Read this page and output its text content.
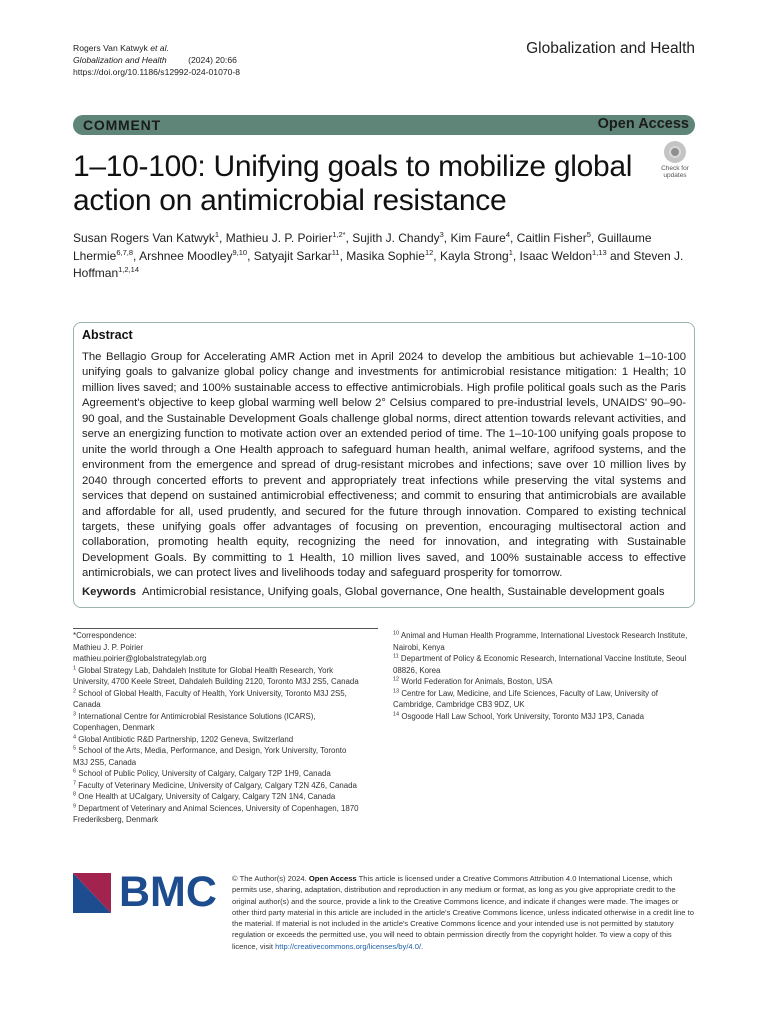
Rogers Van Katwyk et al.
Globalization and Health	(2024) 20:66
https://doi.org/10.1186/s12992-024-01070-8
Globalization and Health
COMMENT	Open Access
1–10-100: Unifying goals to mobilize global action on antimicrobial resistance
Check for
updates
Susan Rogers Van Katwyk$^1$, Mathieu J. P. Poirier$^{1,2*}$, Sujith J. Chandy$^3$, Kim Faure$^4$, Caitlin Fisher$^5$, Guillaume Lhermie$^{6,7,8}$, Arshnee Moodley$^{9,10}$, Satyajit Sarkar$^{11}$, Masika Sophie$^{12}$, Kayla Strong$^1$, Isaac Weldon$^{1,13}$ and Steven J. Hoffman$^{1,2,14}$
Abstract
The Bellagio Group for Accelerating AMR Action met in April 2024 to develop the ambitious but achievable 1–10-100 unifying goals to galvanize global policy change and investments for antimicrobial resistance mitigation: 1 Health; 10 million lives saved; and 100% sustainable access to effective antimicrobials. High profile political goals such as the Paris Agreement's objective to keep global warming well below 2° Celsius compared to pre-industrial levels, UNAIDS' 90–90-90 goal, and the Sustainable Development Goals challenge global norms, direct attention towards relevant activities, and serve an energizing function to motivate action over an extended period of time. The 1–10-100 unifying goals propose to unite the world through a One Health approach to safeguard human health, animal welfare, agrifood systems, and the environment from the emergence and spread of drug-resistant microbes and infections; save over 10 million lives by 2040 through concerted efforts to prevent and appropriately treat infections while preserving the vital systems and services that depend on sustained antimicrobial effectiveness; and commit to ensuring that antimicrobials are available and affordable for all, used prudently, and secured for the future through innovation. Compared to existing technical targets, these unifying goals offer advantages of focusing on prevention, encouraging multisectoral action and collaboration, promoting health equity, recognizing the need for innovation, and integrating with Sustainable Development Goals. By committing to 1 Health, 10 million lives saved, and 100% sustainable access to effective antimicrobials, we can protect lives and livelihoods today and safeguard prosperity for tomorrow.
Keywords Antimicrobial resistance, Unifying goals, Global governance, One health, Sustainable development goals
*Correspondence:
Mathieu J. P. Poirier
mathieu.poirier@globalstrategylab.org
$^1$ Global Strategy Lab, Dahdaleh Institute for Global Health Research, York University, 4700 Keele Street, Dahdaleh Building 2120, Toronto M3J 2S5, Canada
$^2$ School of Global Health, Faculty of Health, York University, Toronto M3J 2S5, Canada
$^3$ International Centre for Antimicrobial Resistance Solutions (ICARS), Copenhagen, Denmark
$^4$ Global Antibiotic R&D Partnership, 1202 Geneva, Switzerland
$^5$ School of the Arts, Media, Performance, and Design, York University, Toronto M3J 2S5, Canada
$^6$ School of Public Policy, University of Calgary, Calgary T2P 1H9, Canada
$^7$ Faculty of Veterinary Medicine, University of Calgary, Calgary T2N 4Z6, Canada
$^8$ One Health at UCalgary, University of Calgary, Calgary T2N 1N4, Canada
$^9$ Department of Veterinary and Animal Sciences, University of Copenhagen, 1870 Frederiksberg, Denmark
$^{10}$ Animal and Human Health Programme, International Livestock Research Institute, Nairobi, Kenya
$^{11}$ Department of Policy & Economic Research, International Vaccine Institute, Seoul 08826, Korea
$^{12}$ World Federation for Animals, Boston, USA
$^{13}$ Centre for Law, Medicine, and Life Sciences, Faculty of Law, University of Cambridge, Cambridge CB3 9DZ, UK
$^{14}$ Osgoode Hall Law School, York University, Toronto M3J 1P3, Canada
BMC © The Author(s) 2024. Open Access This article is licensed under a Creative Commons Attribution 4.0 International License, which permits use, sharing, adaptation, distribution and reproduction in any medium or format, as long as you give appropriate credit to the original author(s) and the source, provide a link to the Creative Commons licence, and indicate if changes were made. The images or other third party material in this article are included in the article's Creative Commons licence, unless indicated otherwise in a credit line to the material. If material is not included in the article's Creative Commons licence and your intended use is not permitted by statutory regulation or exceeds the permitted use, you will need to obtain permission directly from the copyright holder. To view a copy of this licence, visit http://creativecommons.org/licenses/by/4.0/.
